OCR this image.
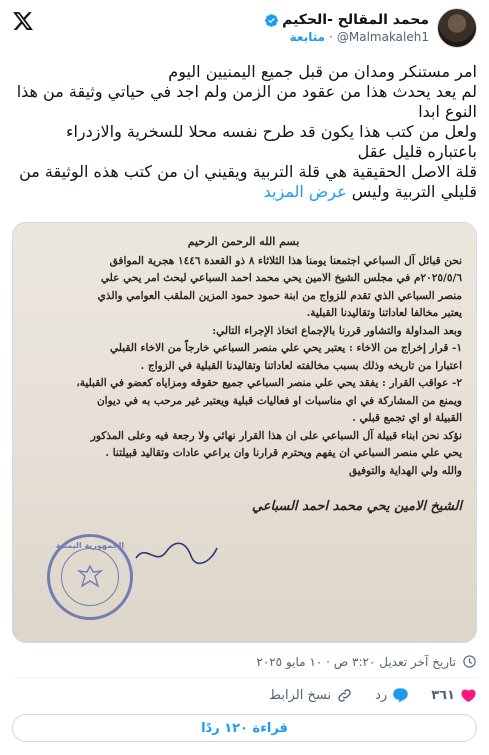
محمد المقالح -الحكيم
@Malmakaleh1
·
متابعة

امر مستنكر ومدان من قبل جميع اليمنيين اليوم

لم يعد يحدث هذا من عقود من الزمن ولم اجد في حياتي وثيقة من هذا النوع ابدا

ولعل من كتب هذا يكون قد طرح نفسه محلا للسخرية والازدراء باعتباره قليل عقل

قلة الاصل الحقيقية هي قلة التربية ويقيني ان من كتب هذه الوثيقة من قليلي التربية وليس عرض المزيد

بسم الله الرحمن الرحيم
نحن قبائل آل السباعي اجتمعنا يومنا هذا الثلاثاء ٨ ذو القعدة ١٤٤٦ هجرية الموافق
٢٠٢٥/٥/٦م في مجلس الشيخ الامين يحي محمد احمد السباعي لبحث امر يحي علي
منصر السباعي الذي تقدم للزواج من ابنة حمود حمود المزين الملقب العوامي والذي
يعتبر مخالفا لعاداتنا وتقاليدنا القبلية.
وبعد المداولة والتشاور قررنا بالإجماع اتخاذ الإجراء التالي:
١- قرار إخراج من الاخاء : يعتبر يحي علي منصر السباعي خارجاً من الاخاء القبلي
اعتبارا من تاريخه وذلك بسبب مخالفته لعاداتنا وتقاليدنا القبلية في الزواج .
٢- عواقب القرار : يفقد يحي علي منصر السباعي جميع حقوقه ومزاياه كعضو في القبلية،
ويمنع من المشاركة في اي مناسبات او فعاليات قبلية ويعتبر غير مرحب به في ديوان
القبيلة او اي تجمع قبلي .
نؤكد نحن ابناء قبيلة آل السباعي على ان هذا القرار نهائي ولا رجعة فيه وعلى المذكور
يحي علي منصر السباعي ان يفهم ويحترم قرارنا وان يراعي عادات وتقاليد قبيلتنا .
والله ولي الهداية والتوفيق
الشيخ الامين يحي محمد احمد السباعي
الجمهورية اليمنية
تاريخ آخر تعديل ٣:٢٠ ص · ١٠ مايو ٢٠٢٥
٣٦١
رد
نسخ الرابط
قراءة ١٢٠ ردًا
